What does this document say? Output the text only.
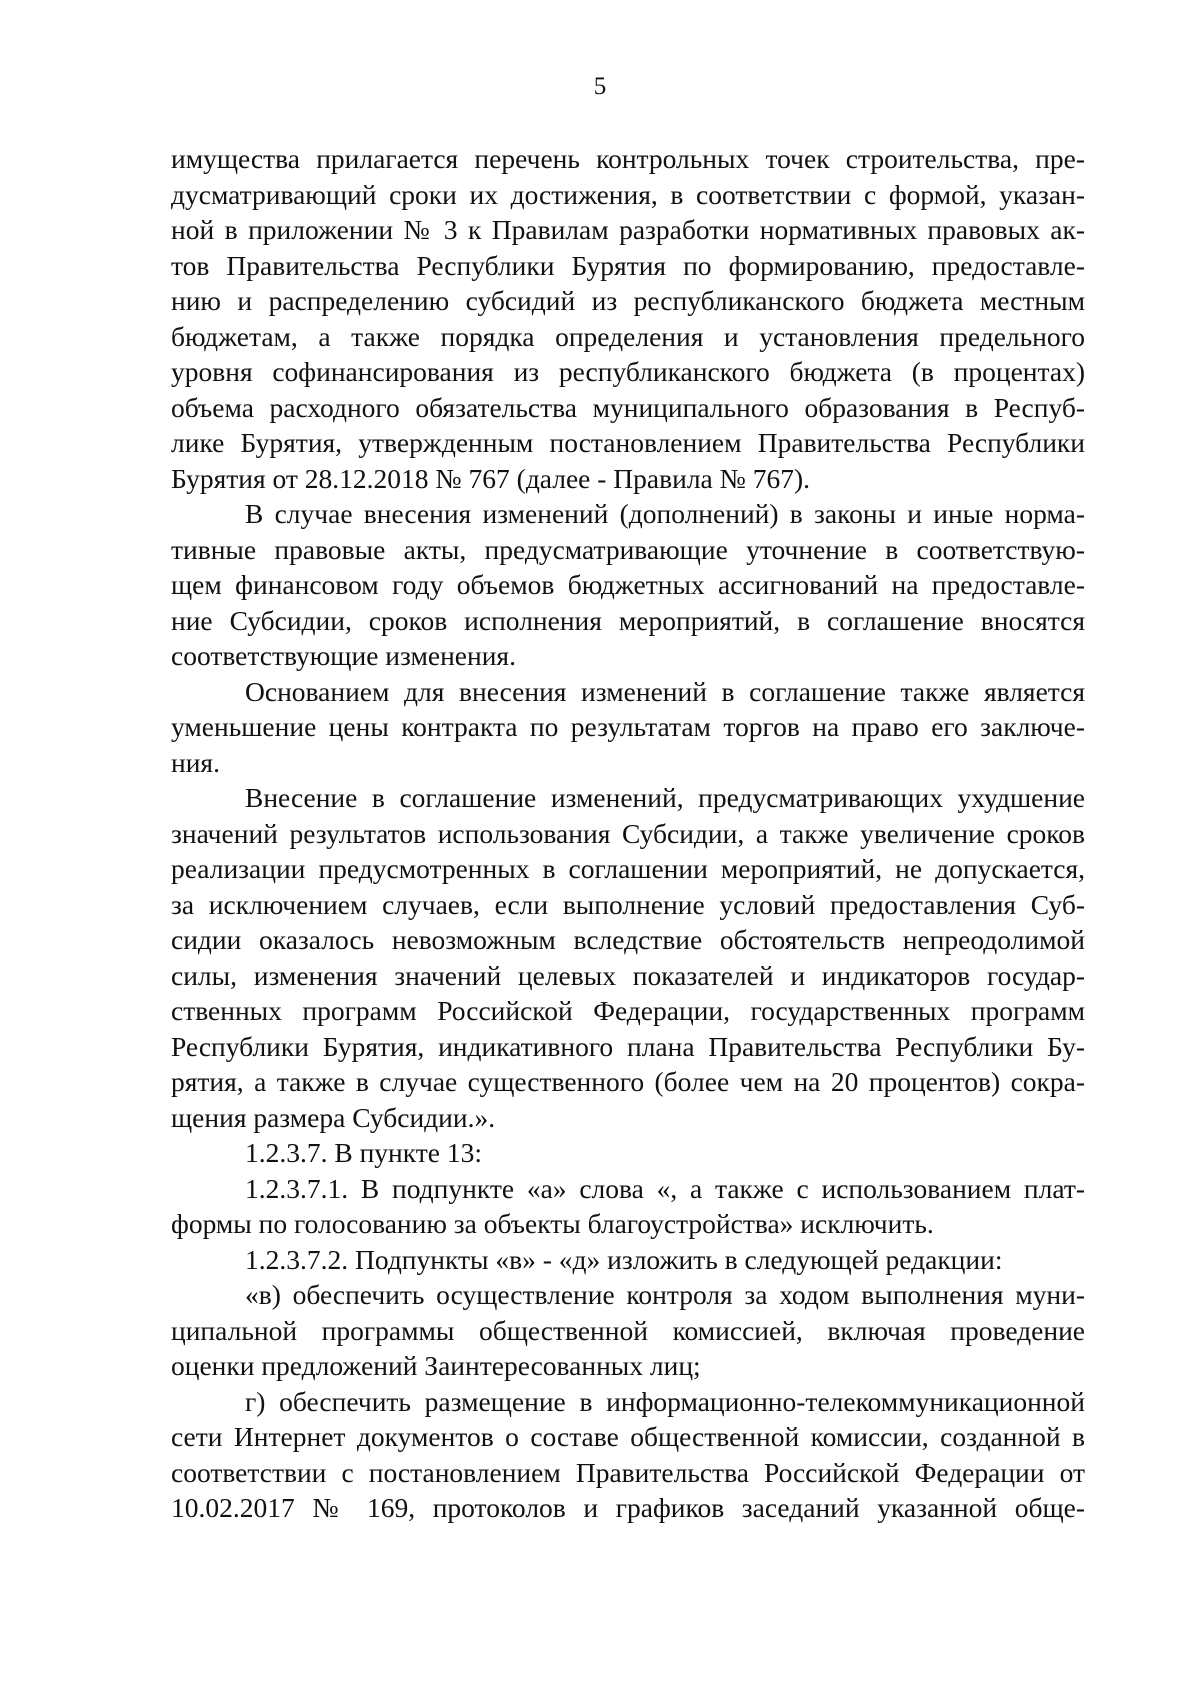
5
имущества прилагается перечень контрольных точек строительства, пре-
дусматривающий сроки их достижения, в соответствии с формой, указан-
ной в приложении № 3 к Правилам разработки нормативных правовых ак-
тов Правительства Республики Бурятия по формированию, предоставле-
нию и распределению субсидий из республиканского бюджета местным
бюджетам, а также порядка определения и установления предельного
уровня софинансирования из республиканского бюджета (в процентах)
объема расходного обязательства муниципального образования в Респуб-
лике Бурятия, утвержденным постановлением Правительства Республики
Бурятия от 28.12.2018 № 767 (далее - Правила № 767).
В случае внесения изменений (дополнений) в законы и иные норма-
тивные правовые акты, предусматривающие уточнение в соответствую-
щем финансовом году объемов бюджетных ассигнований на предоставле-
ние Субсидии, сроков исполнения мероприятий, в соглашение вносятся
соответствующие изменения.
Основанием для внесения изменений в соглашение также является
уменьшение цены контракта по результатам торгов на право его заключе-
ния.
Внесение в соглашение изменений, предусматривающих ухудшение
значений результатов использования Субсидии, а также увеличение сроков
реализации предусмотренных в соглашении мероприятий, не допускается,
за исключением случаев, если выполнение условий предоставления Суб-
сидии оказалось невозможным вследствие обстоятельств непреодолимой
силы, изменения значений целевых показателей и индикаторов государ-
ственных программ Российской Федерации, государственных программ
Республики Бурятия, индикативного плана Правительства Республики Бу-
рятия, а также в случае существенного (более чем на 20 процентов) сокра-
щения размера Субсидии.».
1.2.3.7. В пункте 13:
1.2.3.7.1. В подпункте «а» слова «, а также с использованием плат-
формы по голосованию за объекты благоустройства» исключить.
1.2.3.7.2. Подпункты «в» - «д» изложить в следующей редакции:
«в) обеспечить осуществление контроля за ходом выполнения муни-
ципальной программы общественной комиссией, включая проведение
оценки предложений Заинтересованных лиц;
г) обеспечить размещение в информационно-телекоммуникационной
сети Интернет документов о составе общественной комиссии, созданной в
соответствии с постановлением Правительства Российской Федерации от
10.02.2017 № 169, протоколов и графиков заседаний указанной обще-
